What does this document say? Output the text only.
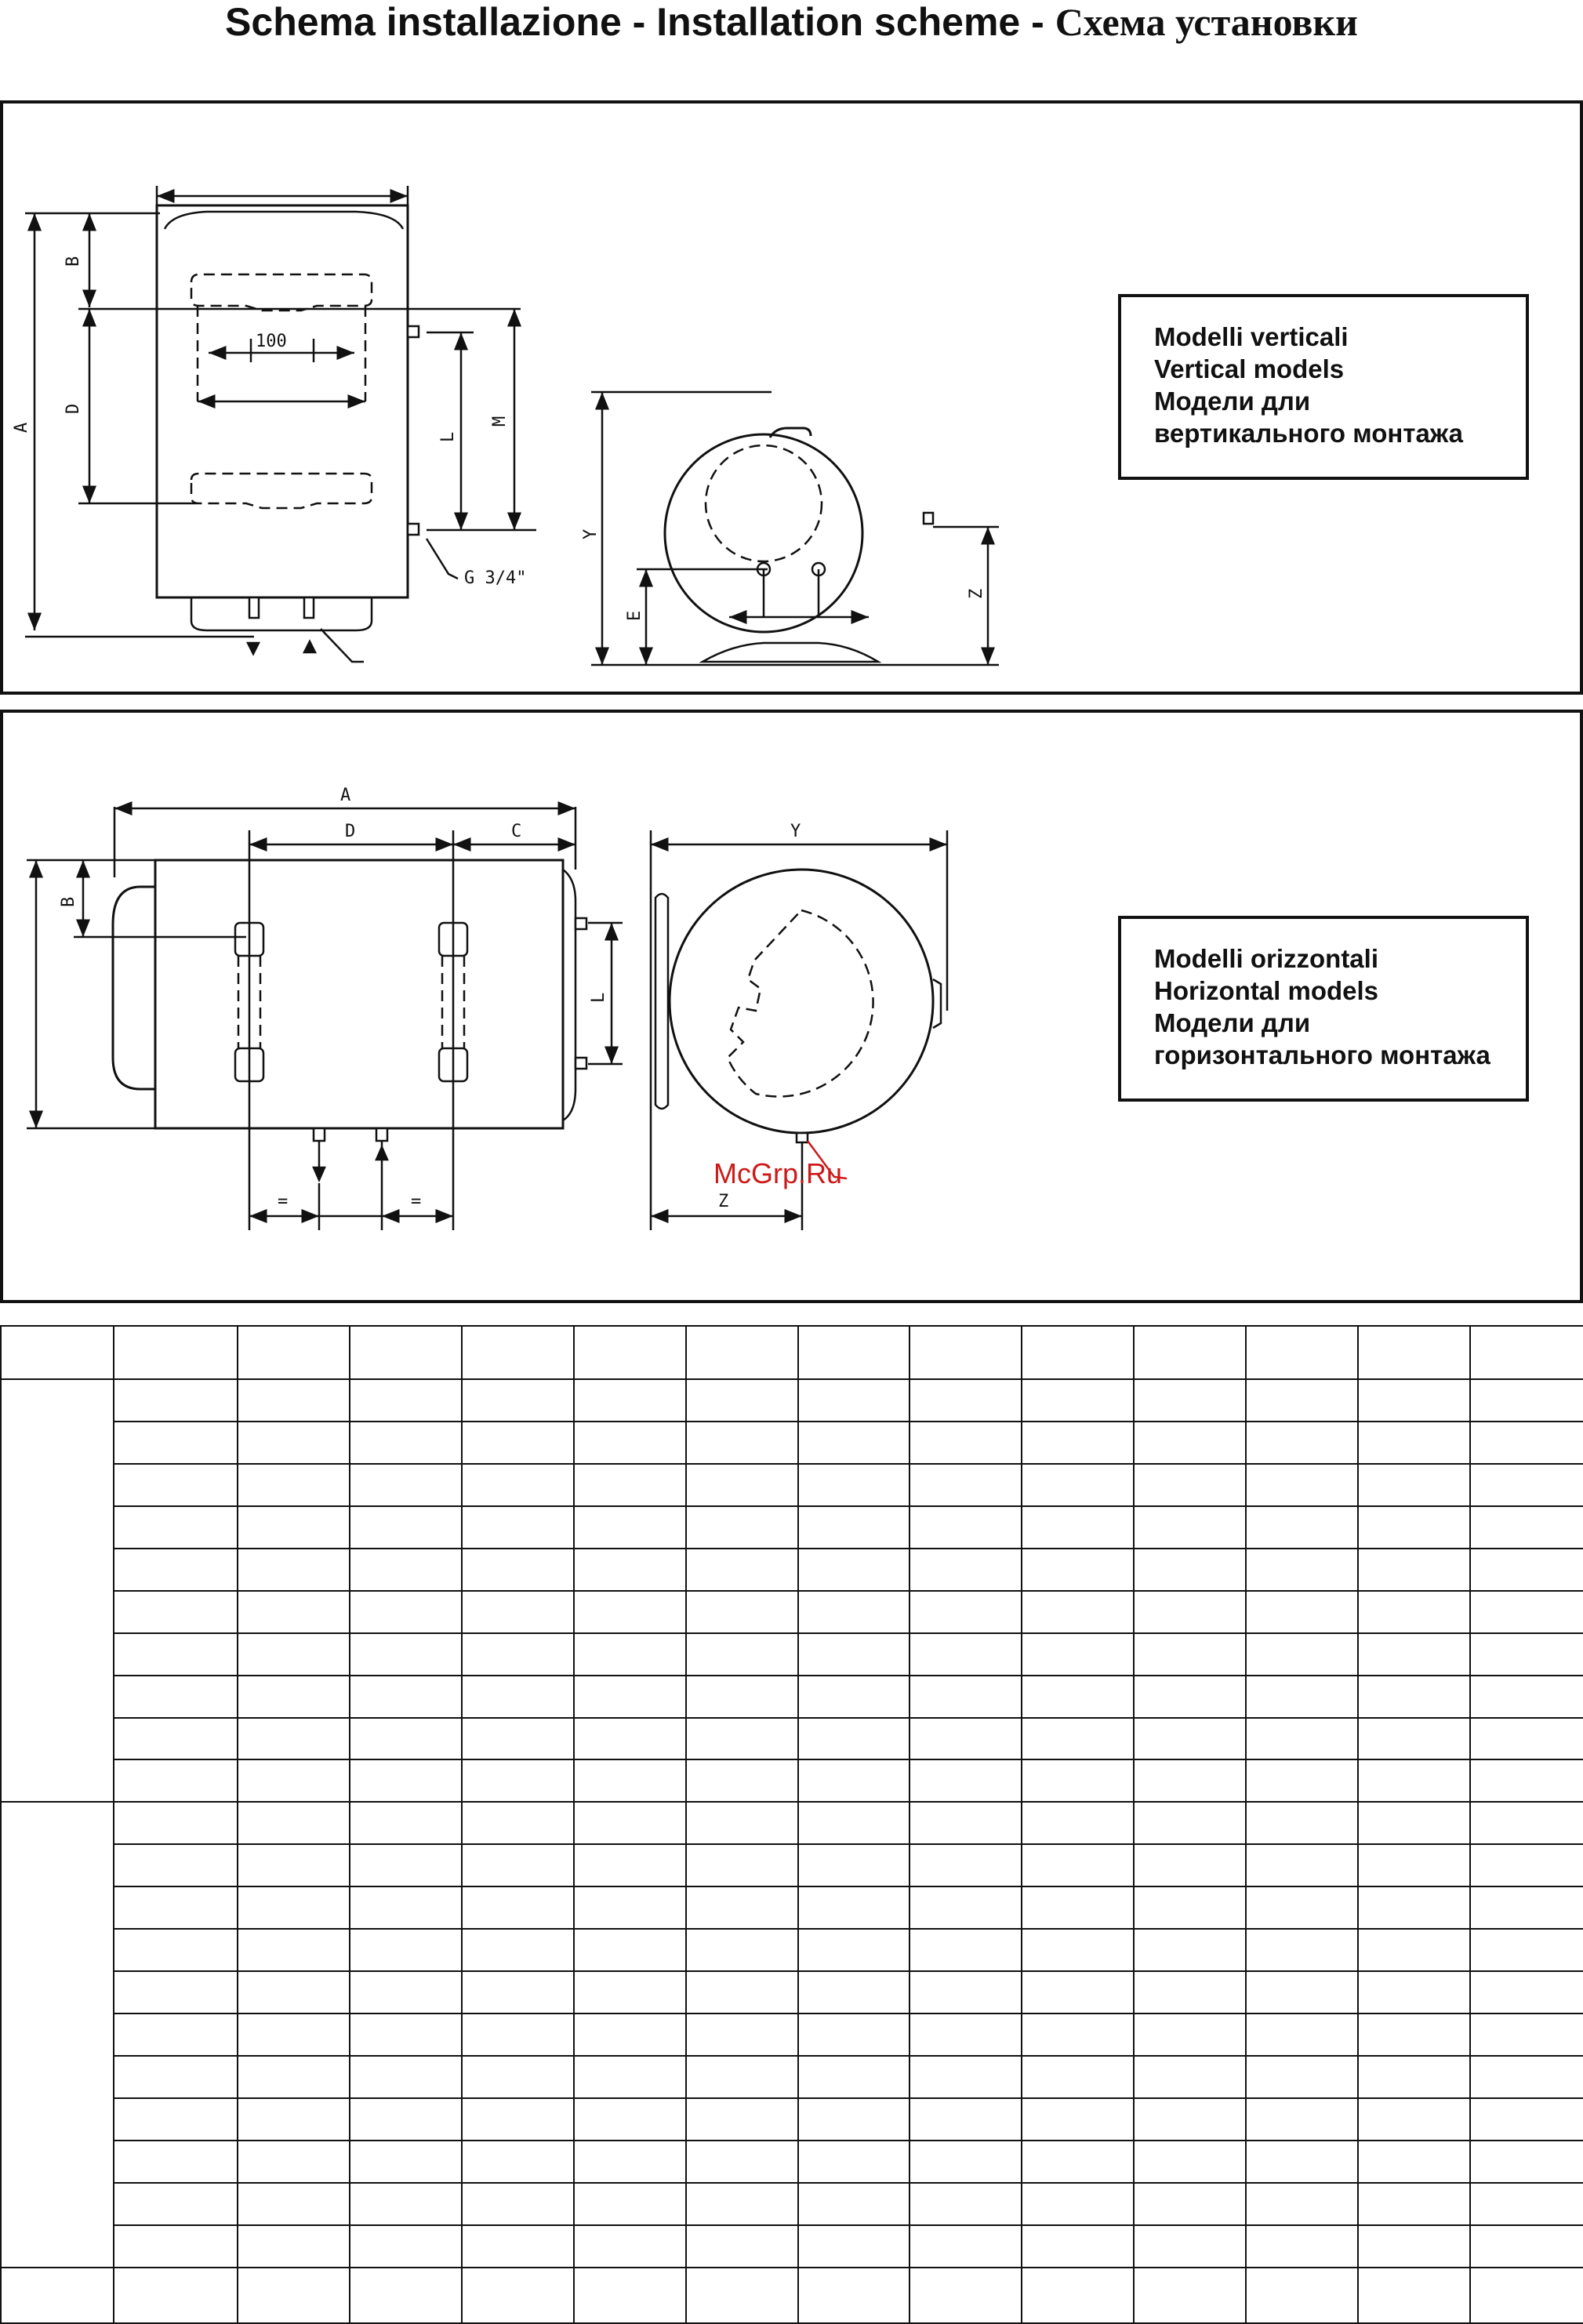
Schema installazione - Installation scheme - Схема установки
B
A
D
100
L
M
G 3/4"
Y
E
Z
Modelli verticali
Vertical models
Модели дли
вертикального монтажа
A
D	C
B
L
=	=
Y
Z
McGrp.Ru
Modelli orizzontali
Horizontal models
Модели дли
горизонтального монтажа
